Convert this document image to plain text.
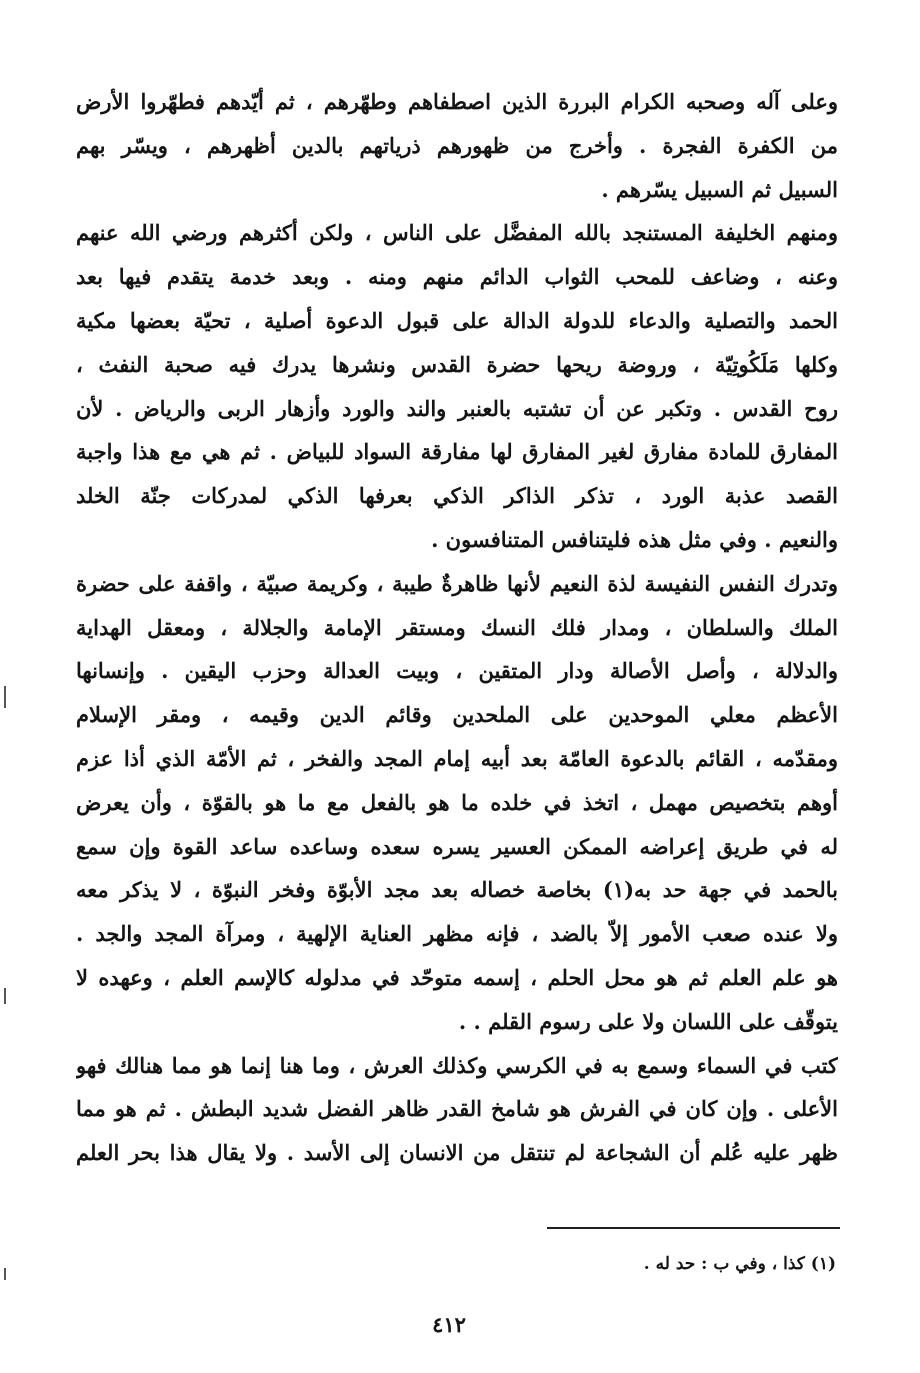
وعلى آله وصحبه الكرام البررة الذين اصطفاهم وطهّرهم ، ثم أيّدهم فطهّروا الأرض
من الكفرة الفجرة . وأخرج من ظهورهم ذرياتهم بالدين أظهرهم ، ويسّر بهم
السبيل ثم السبيل يسّرهم .
ومنهم الخليفة المستنجد بالله المفضَّل على الناس ، ولكن أكثرهم ورضي الله عنهم
وعنه ، وضاعف للمحب الثواب الدائم منهم ومنه . وبعد خدمة يتقدم فيها بعد
الحمد والتصلية والدعاء للدولة الدالة على قبول الدعوة أصلية ، تحيّة بعضها مكية
وكلها مَلَكُوتِيّة ، وروضة ريحها حضرة القدس ونشرها يدرك فيه صحبة النفث ،
روح القدس . وتكبر عن أن تشتبه بالعنبر والند والورد وأزهار الربى والرياض . لأن
المفارق للمادة مفارق لغير المفارق لها مفارقة السواد للبياض . ثم هي مع هذا واجبة
القصد عذبة الورد ، تذكر الذاكر الذكي بعرفها الذكي لمدركات جنّة الخلد
والنعيم . وفي مثل هذه فليتنافس المتنافسون .
وتدرك النفس النفيسة لذة النعيم لأنها ظاهرةٌ طيبة ، وكريمة صبيّة ، واقفة على حضرة
الملك والسلطان ، ومدار فلك النسك ومستقر الإمامة والجلالة ، ومعقل الهداية
والدلالة ، وأصل الأصالة ودار المتقين ، وبيت العدالة وحزب اليقين . وإنسانها
الأعظم معلي الموحدين على الملحدين وقائم الدين وقيمه ، ومقر الإسلام
ومقدّمه ، القائم بالدعوة العامّة بعد أبيه إمام المجد والفخر ، ثم الأمّة الذي أذا عزم
أوهم بتخصيص مهمل ، اتخذ في خلده ما هو بالفعل مع ما هو بالقوّة ، وأن يعرض
له في طريق إعراضه الممكن العسير يسره سعده وساعده ساعد القوة وإن سمع
بالحمد في جهة حد به(١) بخاصة خصاله بعد مجد الأبوّة وفخر النبوّة ، لا يذكر معه
ولا عنده صعب الأمور إلاّ بالضد ، فإنه مظهر العناية الإلهية ، ومرآة المجد والجد .
هو علم العلم ثم هو محل الحلم ، إسمه متوحّد في مدلوله كالإسم العلم ، وعهده لا
يتوقّف على اللسان ولا على رسوم القلم . .
كتب في السماء وسمع به في الكرسي وكذلك العرش ، وما هنا إنما هو مما هنالك فهو
الأعلى . وإن كان في الفرش هو شامخ القدر ظاهر الفضل شديد البطش . ثم هو مما
ظهر عليه عُلم أن الشجاعة لم تنتقل من الانسان إلى الأسد . ولا يقال هذا بحر العلم
(١) كذا ، وفي ب : حد له .
٤١٢
